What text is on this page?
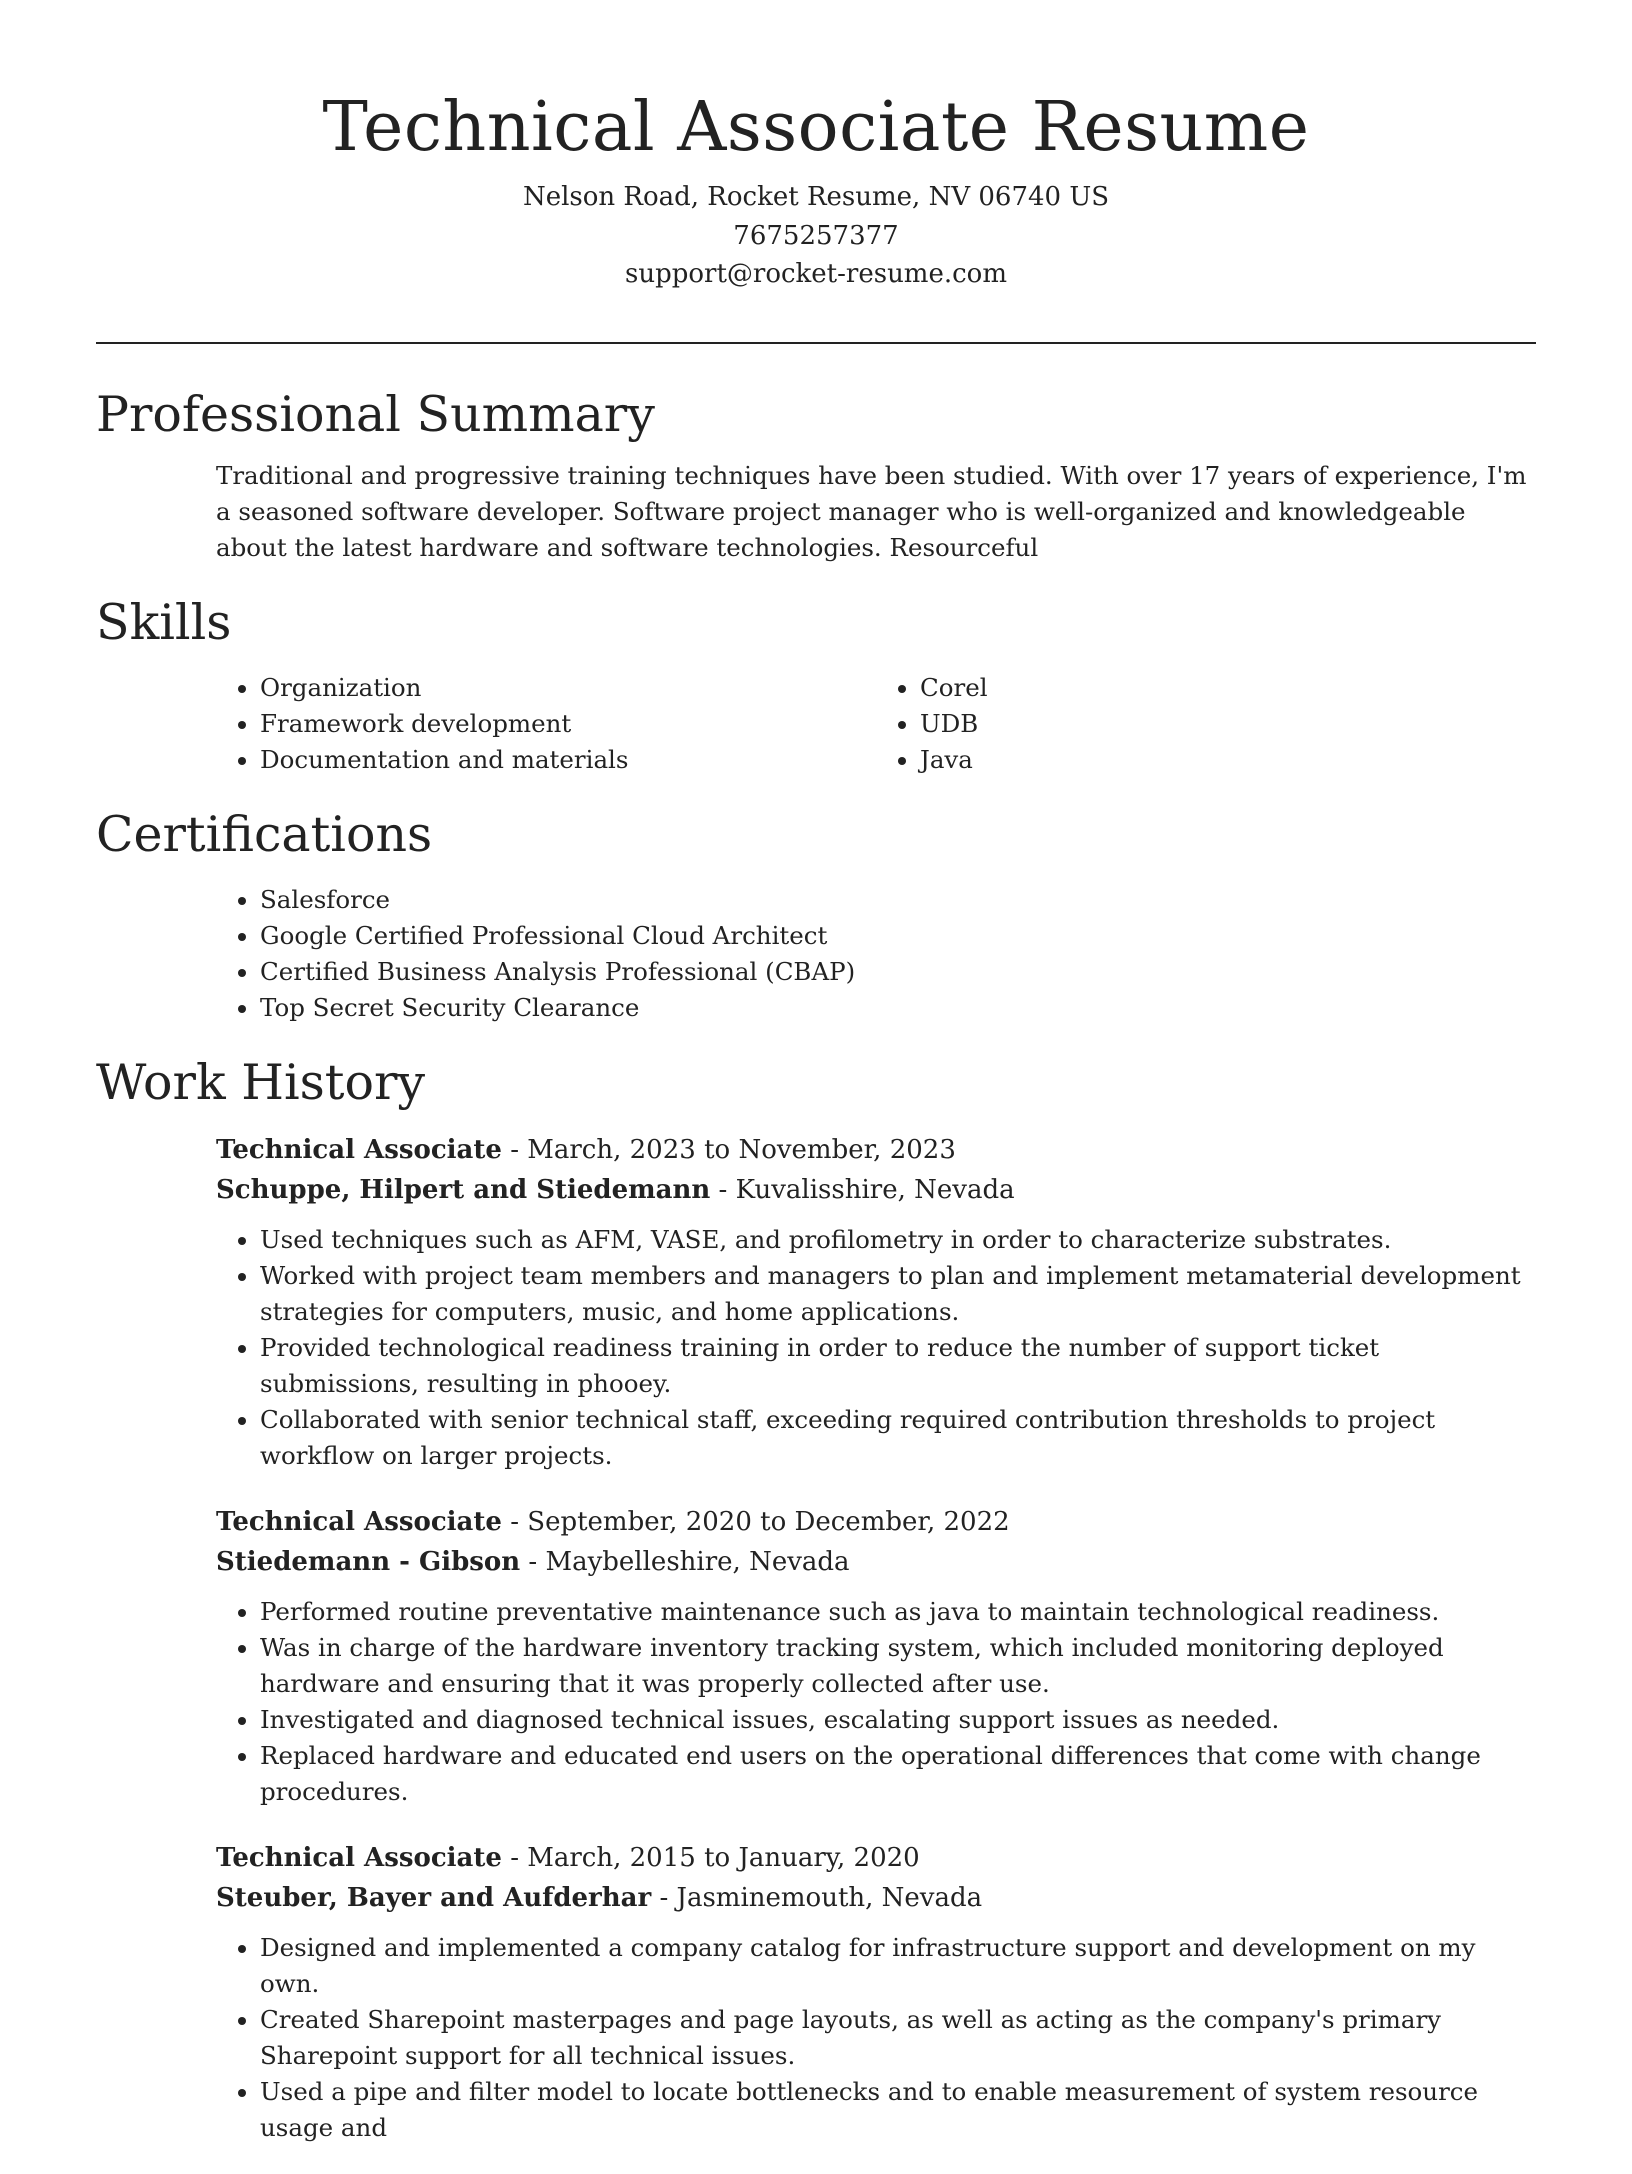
Technical Associate Resume
Nelson Road, Rocket Resume, NV 06740 US
7675257377
support@rocket-resume.com
Professional Summary

Traditional and progressive training techniques have been studied. With over 17 years of experience, I'm a seasoned software developer. Software project manager who is well-organized and knowledgeable about the latest hardware and software technologies. Resourceful

Skills
• Organization
• Framework development
• Documentation and materials
• Corel
• UDB
• Java
Certifications
• Salesforce
• Google Certified Professional Cloud Architect
• Certified Business Analysis Professional (CBAP)
• Top Secret Security Clearance
Work History
Technical Associate - March, 2023 to November, 2023
Schuppe, Hilpert and Stiedemann - Kuvalisshire, Nevada
• Used techniques such as AFM, VASE, and profilometry in order to characterize substrates.
• Worked with project team members and managers to plan and implement metamaterial development strategies for computers, music, and home applications.
• Provided technological readiness training in order to reduce the number of support ticket submissions, resulting in phooey.
• Collaborated with senior technical staff, exceeding required contribution thresholds to project workflow on larger projects.
Technical Associate - September, 2020 to December, 2022
Stiedemann - Gibson - Maybelleshire, Nevada
• Performed routine preventative maintenance such as java to maintain technological readiness.
• Was in charge of the hardware inventory tracking system, which included monitoring deployed hardware and ensuring that it was properly collected after use.
• Investigated and diagnosed technical issues, escalating support issues as needed.
• Replaced hardware and educated end users on the operational differences that come with change procedures.
Technical Associate - March, 2015 to January, 2020
Steuber, Bayer and Aufderhar - Jasminemouth, Nevada
• Designed and implemented a company catalog for infrastructure support and development on my own.
• Created Sharepoint masterpages and page layouts, as well as acting as the company's primary Sharepoint support for all technical issues.
• Used a pipe and filter model to locate bottlenecks and to enable measurement of system resource usage and
